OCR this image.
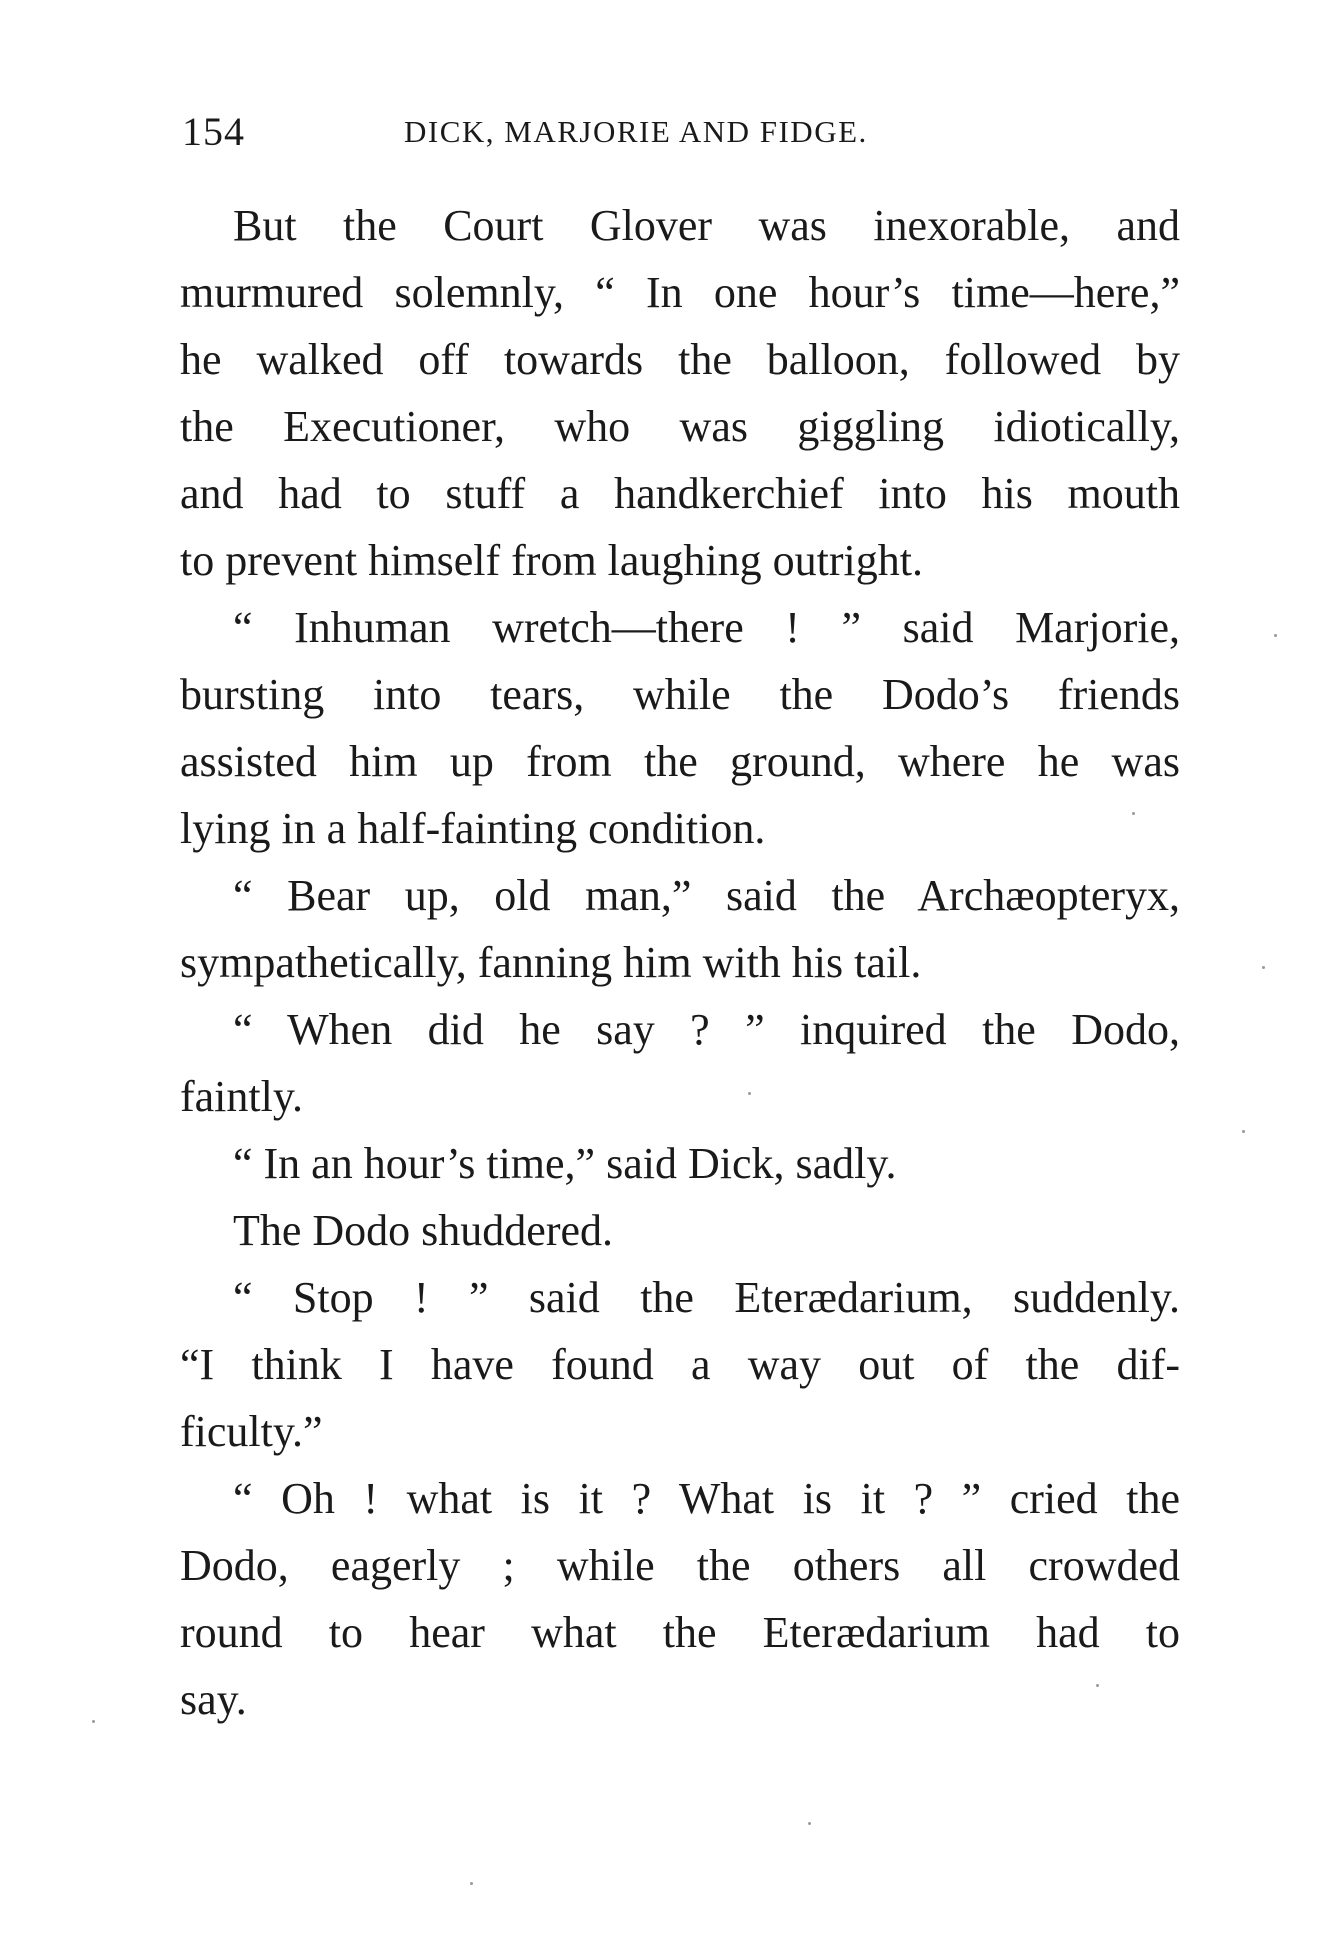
154	DICK, MARJORIE AND FIDGE.
But the Court Glover was inexorable, and
murmured solemnly, “ In one hour’s time—here,”
he walked off towards the balloon, followed by
the Executioner, who was giggling idiotically,
and had to stuff a handkerchief into his mouth
to prevent himself from laughing outright.
“ Inhuman wretch—there ! ” said Marjorie,
bursting into tears, while the Dodo’s friends
assisted him up from the ground, where he was
lying in a half-fainting condition.
“ Bear up, old man,” said the Archæopteryx,
sympathetically, fanning him with his tail.
“ When did he say ? ” inquired the Dodo,
faintly.
“ In an hour’s time,” said Dick, sadly.
The Dodo shuddered.
“ Stop ! ” said the Eterædarium, suddenly.
“I think I have found a way out of the dif-
ficulty.”
“ Oh ! what is it ? What is it ? ” cried the
Dodo, eagerly ; while the others all crowded
round to hear what the Eterædarium had to
say.
